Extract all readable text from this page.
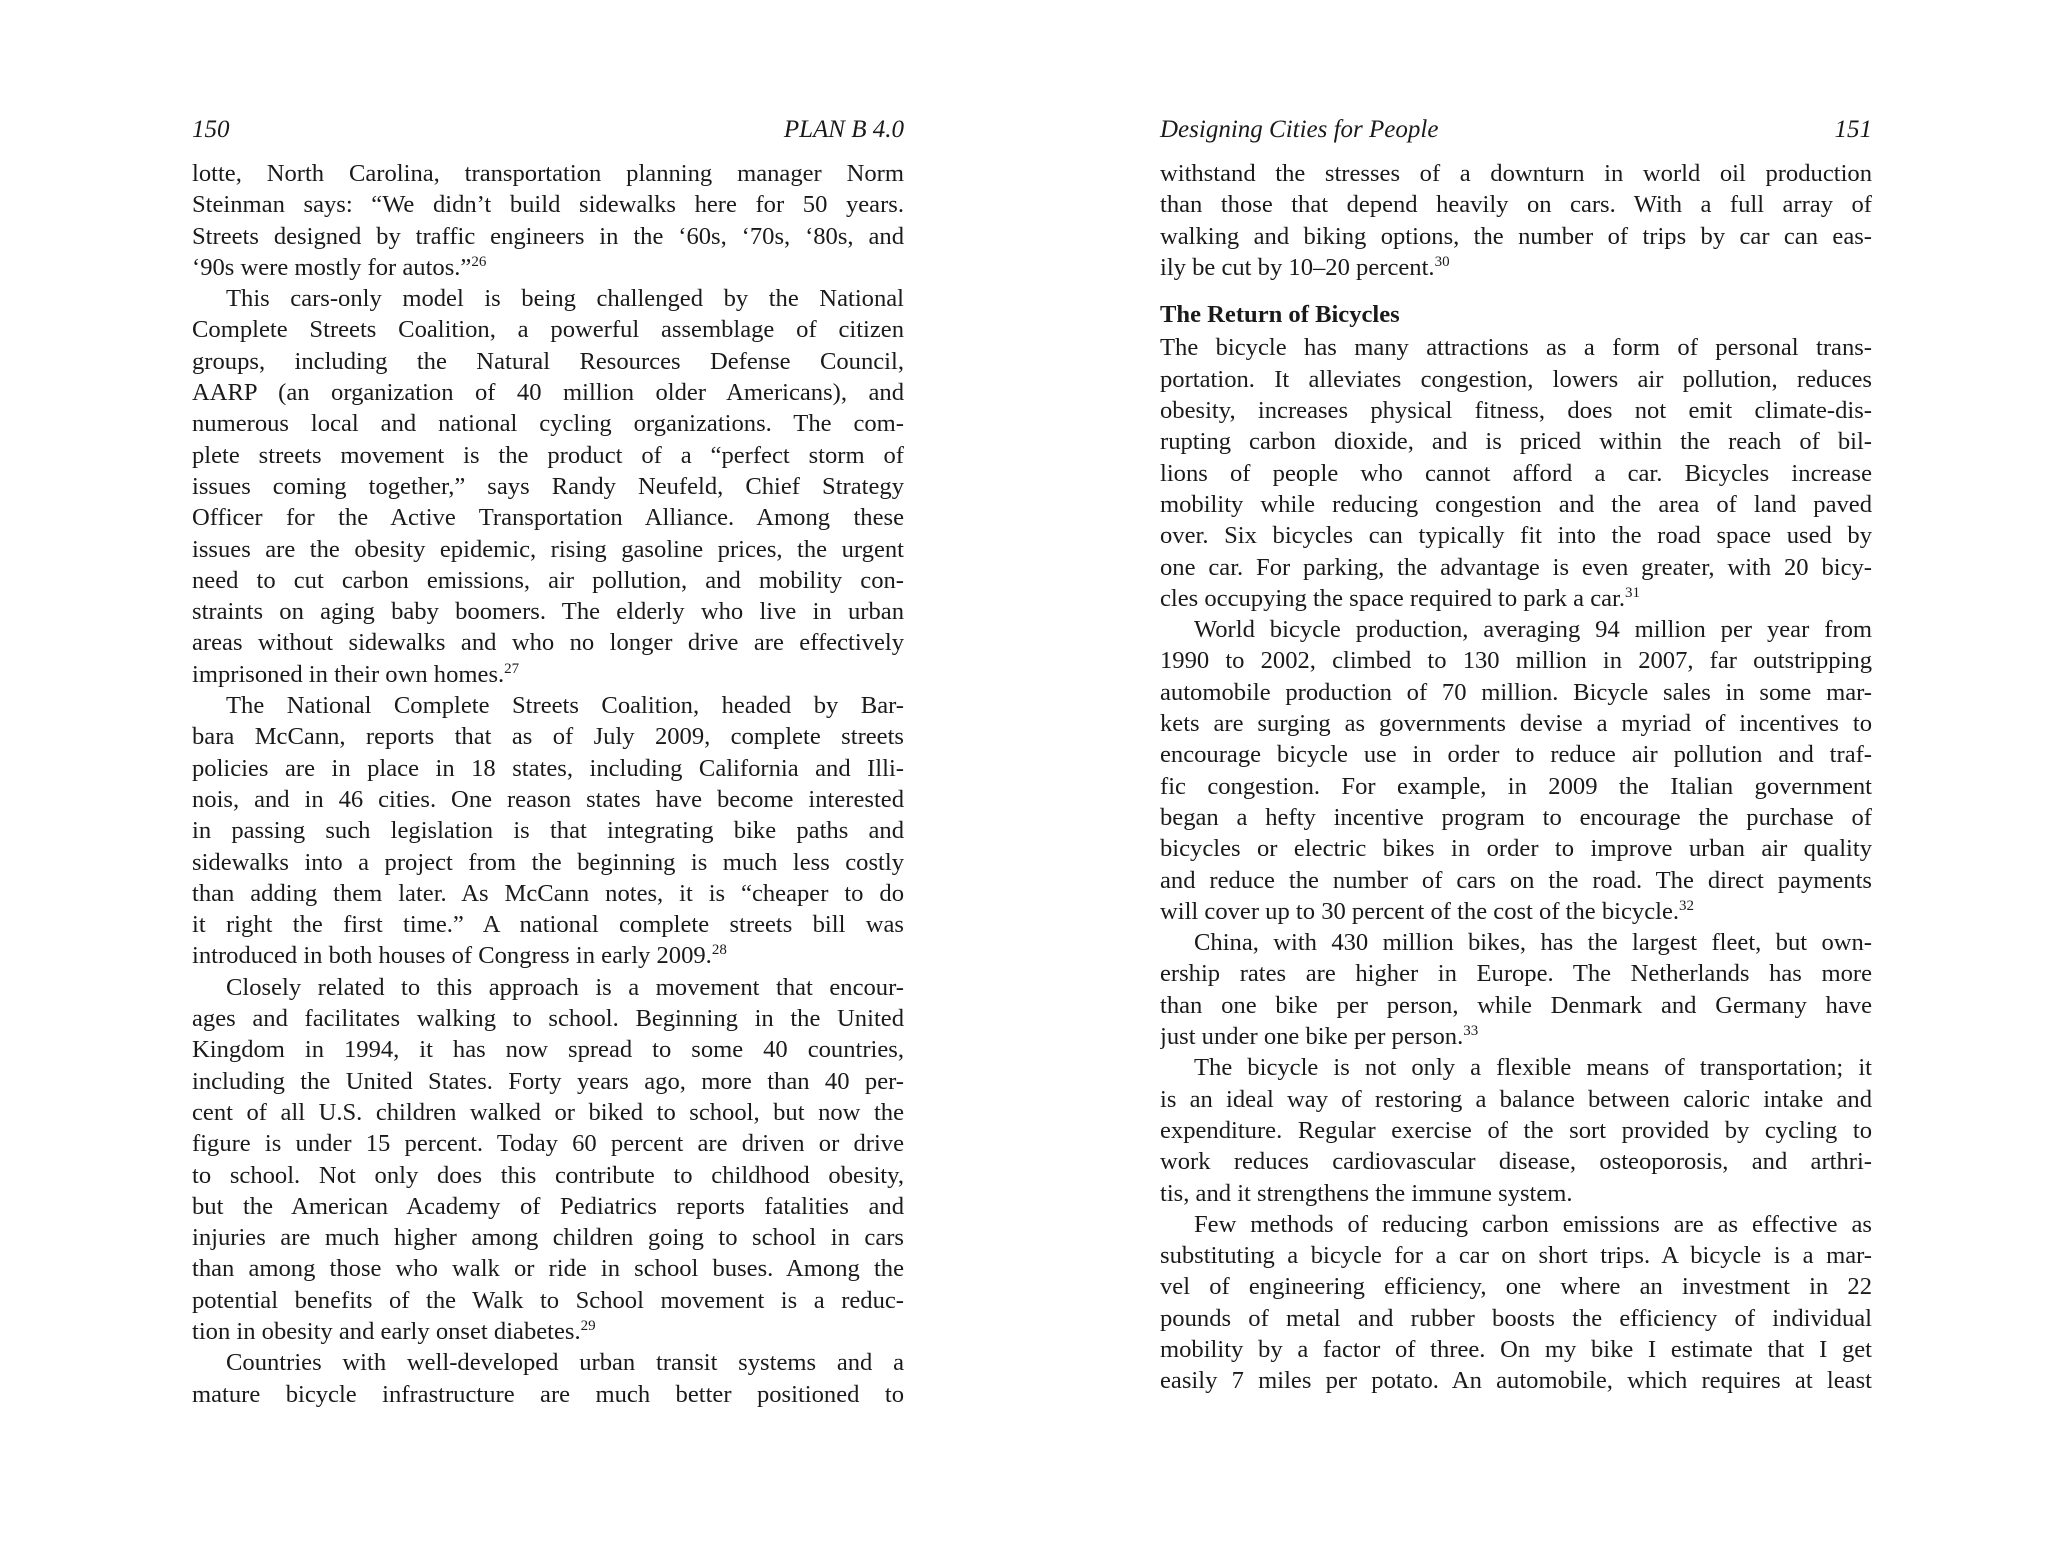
150	PLAN B 4.0
lotte, North Carolina, transportation planning manager Norm
Steinman says: “We didn’t build sidewalks here for 50 years.
Streets designed by traffic engineers in the ‘60s, ‘70s, ‘80s, and
‘90s were mostly for autos.”$^{26}$
This cars-only model is being challenged by the National
Complete Streets Coalition, a powerful assemblage of citizen
groups, including the Natural Resources Defense Council,
AARP (an organization of 40 million older Americans), and
numerous local and national cycling organizations. The com-
plete streets movement is the product of a “perfect storm of
issues coming together,” says Randy Neufeld, Chief Strategy
Officer for the Active Transportation Alliance. Among these
issues are the obesity epidemic, rising gasoline prices, the urgent
need to cut carbon emissions, air pollution, and mobility con-
straints on aging baby boomers. The elderly who live in urban
areas without sidewalks and who no longer drive are effectively
imprisoned in their own homes.$^{27}$
The National Complete Streets Coalition, headed by Bar-
bara McCann, reports that as of July 2009, complete streets
policies are in place in 18 states, including California and Illi-
nois, and in 46 cities. One reason states have become interested
in passing such legislation is that integrating bike paths and
sidewalks into a project from the beginning is much less costly
than adding them later. As McCann notes, it is “cheaper to do
it right the first time.” A national complete streets bill was
introduced in both houses of Congress in early 2009.28
Closely related to this approach is a movement that encour-
ages and facilitates walking to school. Beginning in the United
Kingdom in 1994, it has now spread to some 40 countries,
including the United States. Forty years ago, more than 40 per-
cent of all U.S. children walked or biked to school, but now the
figure is under 15 percent. Today 60 percent are driven or drive
to school. Not only does this contribute to childhood obesity,
but the American Academy of Pediatrics reports fatalities and
injuries are much higher among children going to school in cars
than among those who walk or ride in school buses. Among the
potential benefits of the Walk to School movement is a reduc-
tion in obesity and early onset diabetes.$^{29}$
Countries with well-developed urban transit systems and a
mature bicycle infrastructure are much better positioned to
Designing Cities for People	151
withstand the stresses of a downturn in world oil production
than those that depend heavily on cars. With a full array of
walking and biking options, the number of trips by car can eas-
ily be cut by 10–20 percent.$^{30}$
The Return of Bicycles
The bicycle has many attractions as a form of personal trans-
portation. It alleviates congestion, lowers air pollution, reduces
obesity, increases physical fitness, does not emit climate-dis-
rupting carbon dioxide, and is priced within the reach of bil-
lions of people who cannot afford a car. Bicycles increase
mobility while reducing congestion and the area of land paved
over. Six bicycles can typically fit into the road space used by
one car. For parking, the advantage is even greater, with 20 bicy-
cles occupying the space required to park a car.$^{31}$
World bicycle production, averaging 94 million per year from
1990 to 2002, climbed to 130 million in 2007, far outstripping
automobile production of 70 million. Bicycle sales in some mar-
kets are surging as governments devise a myriad of incentives to
encourage bicycle use in order to reduce air pollution and traf-
fic congestion. For example, in 2009 the Italian government
began a hefty incentive program to encourage the purchase of
bicycles or electric bikes in order to improve urban air quality
and reduce the number of cars on the road. The direct payments
will cover up to 30 percent of the cost of the bicycle.$^{32}$
China, with 430 million bikes, has the largest fleet, but own-
ership rates are higher in Europe. The Netherlands has more
than one bike per person, while Denmark and Germany have
just under one bike per person.$^{33}$
The bicycle is not only a flexible means of transportation; it
is an ideal way of restoring a balance between caloric intake and
expenditure. Regular exercise of the sort provided by cycling to
work reduces cardiovascular disease, osteoporosis, and arthri-
tis, and it strengthens the immune system.
Few methods of reducing carbon emissions are as effective as
substituting a bicycle for a car on short trips. A bicycle is a mar-
vel of engineering efficiency, one where an investment in 22
pounds of metal and rubber boosts the efficiency of individual
mobility by a factor of three. On my bike I estimate that I get
easily 7 miles per potato. An automobile, which requires at least
